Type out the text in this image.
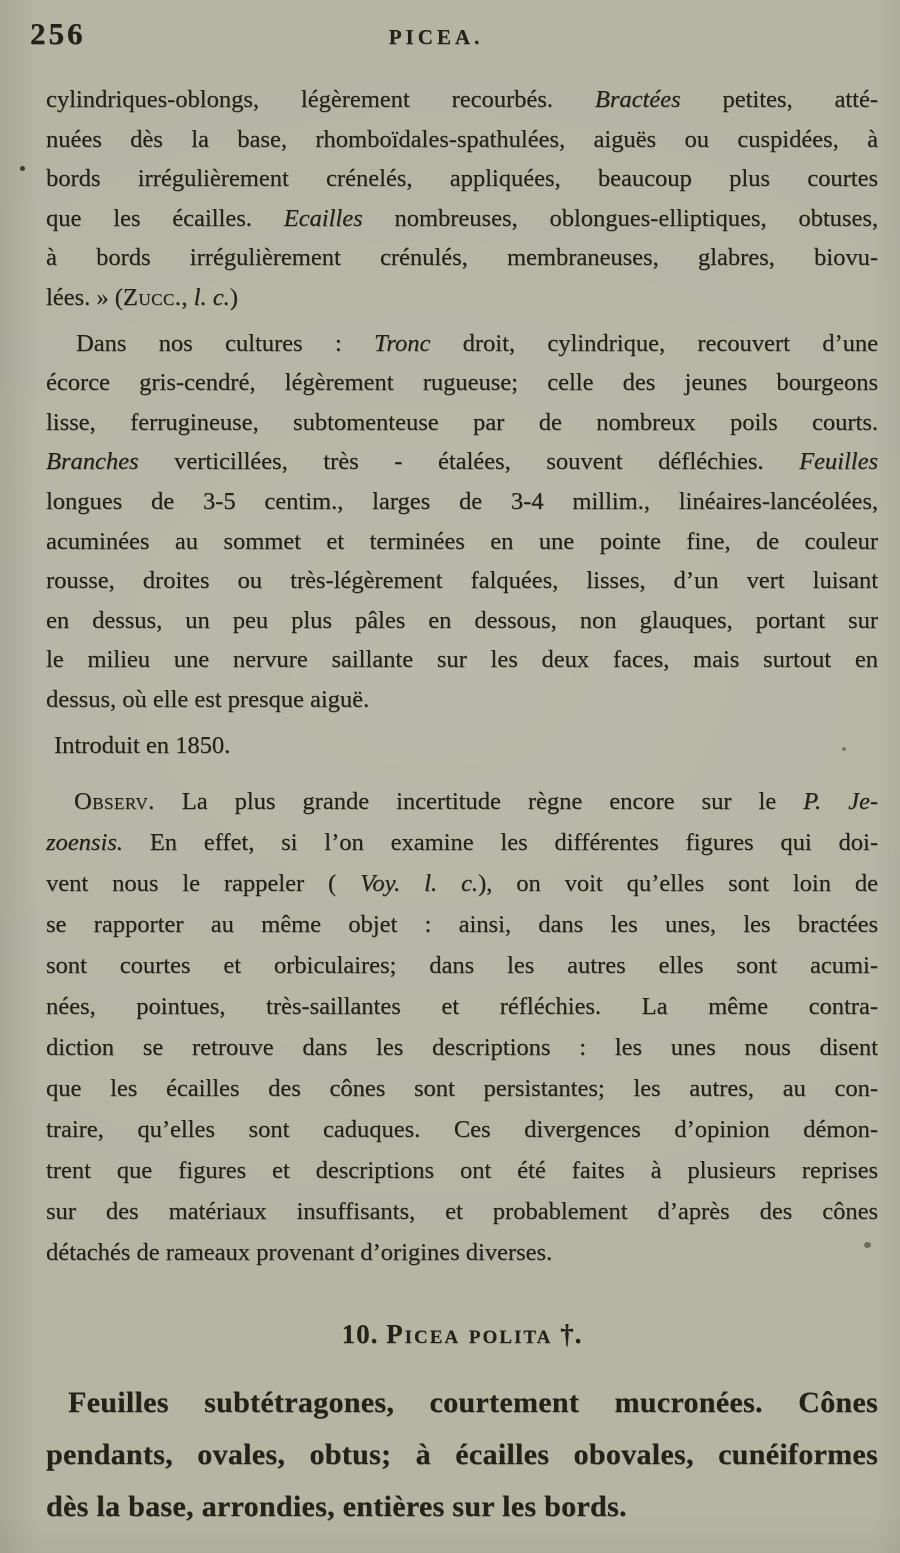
256	PICEA.
cylindriques-oblongs, légèrement recourbés. Bractées petites, atté-
nuées dès la base, rhomboïdales-spathulées, aiguës ou cuspidées, à
bords irrégulièrement crénelés, appliquées, beaucoup plus courtes
que les écailles. Ecailles nombreuses, oblongues-elliptiques, obtuses,
à bords irrégulièrement crénulés, membraneuses, glabres, biovu-
lées. » (Zucc., l. c.)
Dans nos cultures : Tronc droit, cylindrique, recouvert d’une
écorce gris-cendré, légèrement rugueuse; celle des jeunes bourgeons
lisse, ferrugineuse, subtomenteuse par de nombreux poils courts.
Branches verticillées, très - étalées, souvent défléchies. Feuilles
longues de 3-5 centim., larges de 3-4 millim., linéaires-lancéolées,
acuminées au sommet et terminées en une pointe fine, de couleur
rousse, droites ou très-légèrement falquées, lisses, d’un vert luisant
en dessus, un peu plus pâles en dessous, non glauques, portant sur
le milieu une nervure saillante sur les deux faces, mais surtout en
dessus, où elle est presque aiguë.
Introduit en 1850.
Observ. La plus grande incertitude règne encore sur le P. Je-
zoensis. En effet, si l’on examine les différentes figures qui doi-
vent nous le rappeler ( Voy. l. c.), on voit qu’elles sont loin de
se rapporter au même objet : ainsi, dans les unes, les bractées
sont courtes et orbiculaires; dans les autres elles sont acumi-
nées, pointues, très-saillantes et réfléchies. La même contra-
diction se retrouve dans les descriptions : les unes nous disent
que les écailles des cônes sont persistantes; les autres, au con-
traire, qu’elles sont caduques. Ces divergences d’opinion démon-
trent que figures et descriptions ont été faites à plusieurs reprises
sur des matériaux insuffisants, et probablement d’après des cônes
détachés de rameaux provenant d’origines diverses.
10. Picea polita †.
Feuilles subtétragones, courtement mucronées. Cônes
pendants, ovales, obtus; à écailles obovales, cunéiformes
dès la base, arrondies, entières sur les bords.
